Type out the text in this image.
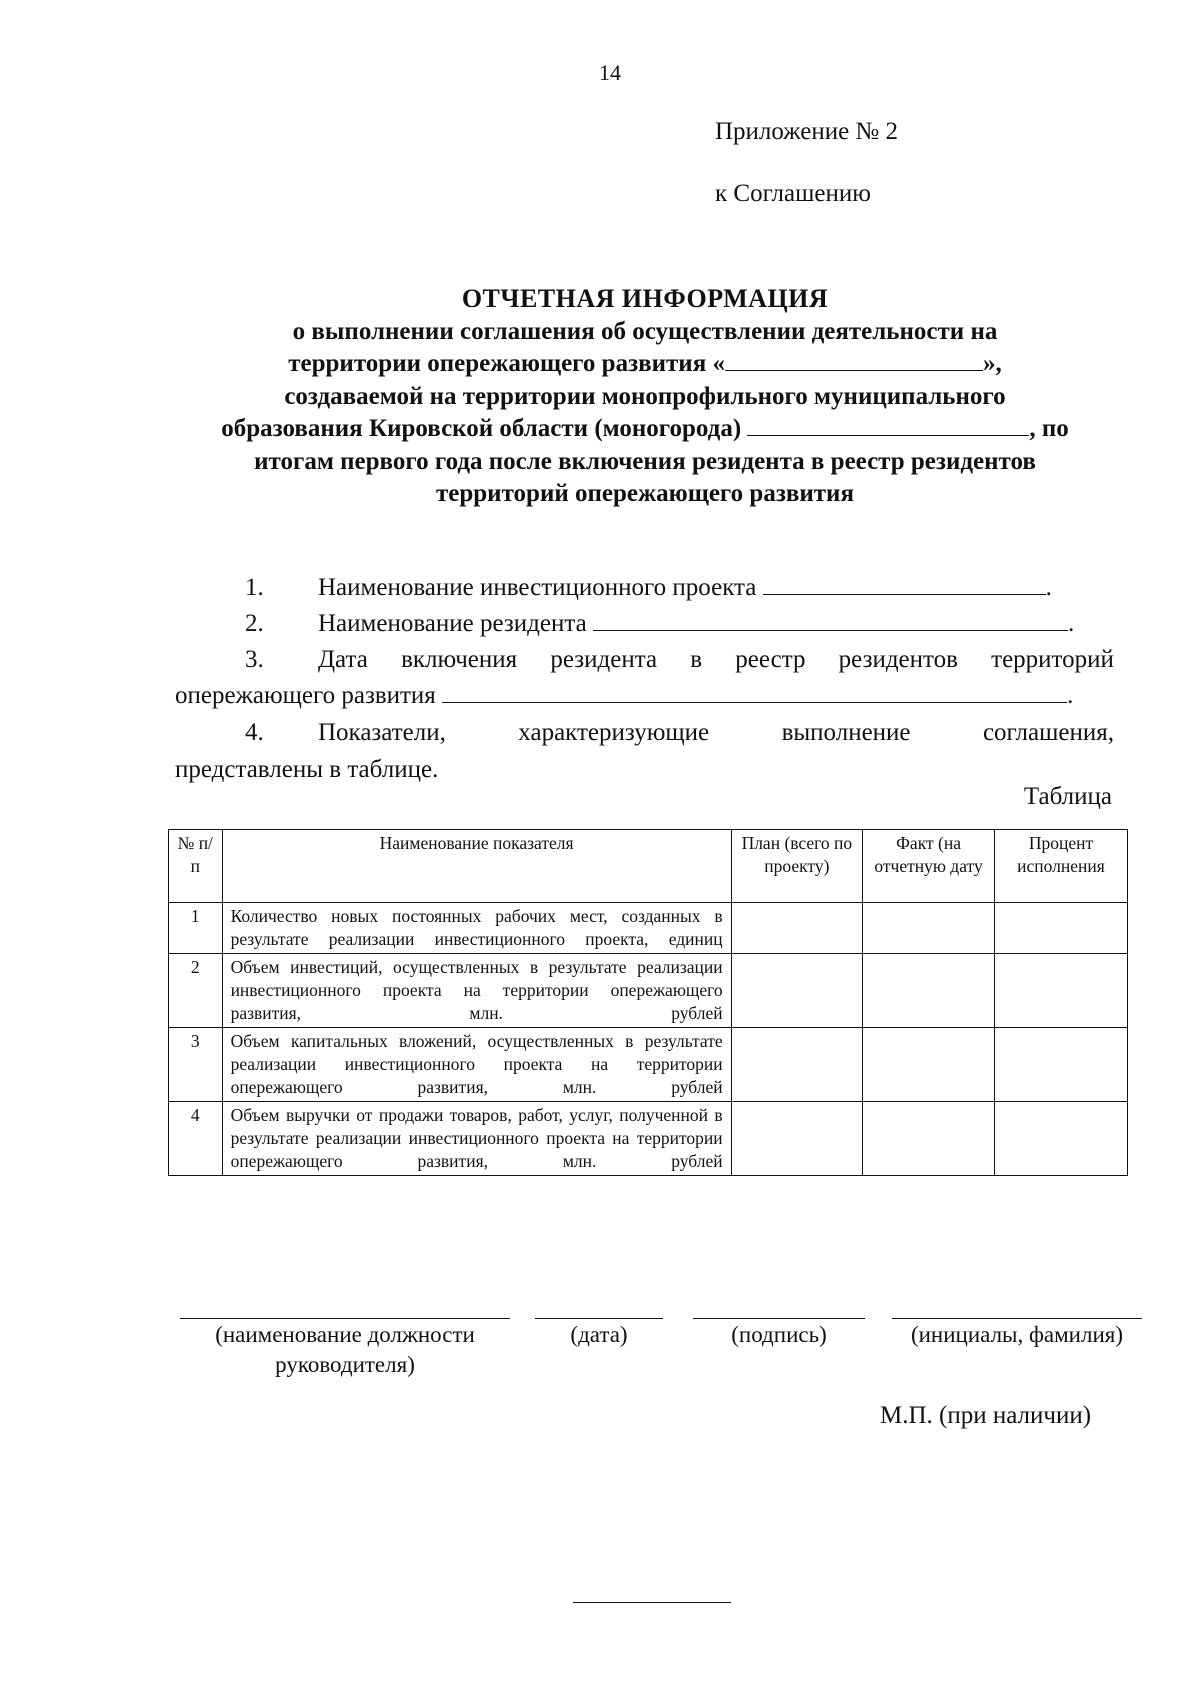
14
Приложение № 2
к Соглашению
ОТЧЕТНАЯ ИНФОРМАЦИЯ
о выполнении соглашения об осуществлении деятельности на
территории опережающего развития «	»,
создаваемой на территории монопрофильного муниципального
образования Кировской области (моногорода)	, по
итогам первого года после включения резидента в реестр резидентов
территорий опережающего развития
1. Наименование инвестиционного проекта	.
2. Наименование резидента	.
3. Дата включения резидента в реестр резидентов территорий
опережающего развития	.
4. Показатели,	характеризующие	выполнение	соглашения,
представлены в таблице.
Таблица
№ п/п	Наименование показателя	План (всего по проекту)	Факт (на отчетную дату	Процент исполнения
1	Количество новых постоянных рабочих мест, созданных в результате реализации инвестиционного проекта, единиц			
2	Объем инвестиций, осуществленных в результате реализации инвестиционного проекта на территории опережающего развития, млн. рублей			
3	Объем капитальных вложений, осуществленных в результате реализации инвестиционного проекта на территории опережающего развития, млн. рублей			
4	Объем выручки от продажи товаров, работ, услуг, полученной в результате реализации инвестиционного проекта на территории опережающего развития, млн. рублей			
(наименование должности руководителя)
(дата)	(подпись)	(инициалы, фамилия)
М.П. (при наличии)
